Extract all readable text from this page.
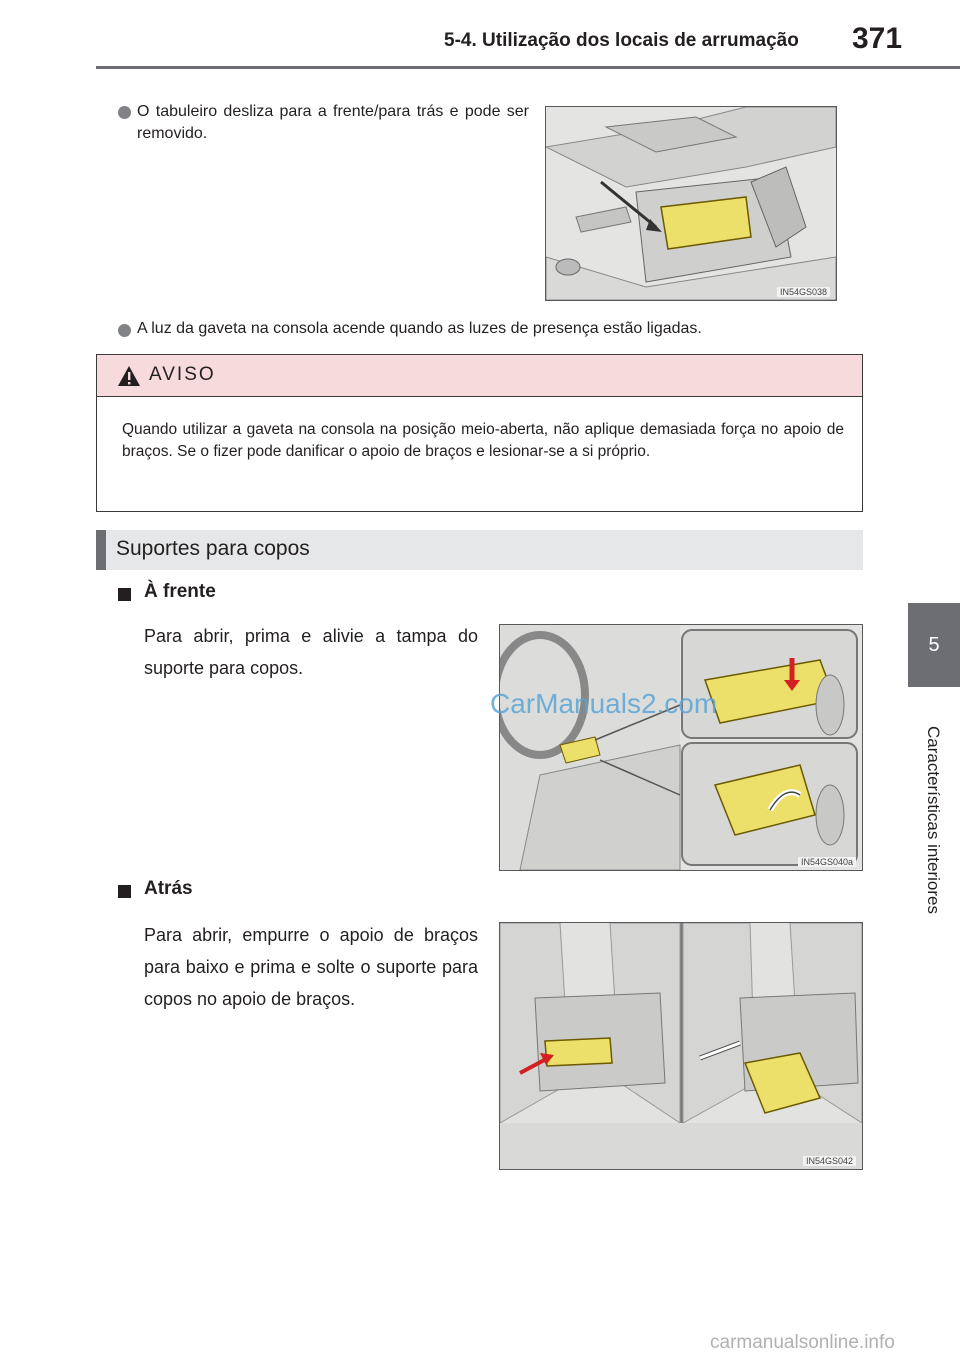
5-4. Utilização dos locais de arrumação 371
5
Características interiores
O tabuleiro desliza para a frente/para trás e pode ser removido.
IN54GS038
A luz da gaveta na consola acende quando as luzes de presença estão ligadas.
AVISO
Quando utilizar a gaveta na consola na posição meio-aberta, não aplique demasiada força no apoio de braços. Se o fizer pode danificar o apoio de braços e lesionar-se a si próprio.
Suportes para copos
À frente
Para abrir, prima e alivie a tampa do suporte para copos.
IN54GS040a
CarManuals2.com
Atrás
Para abrir, empurre o apoio de braços para baixo e prima e solte o suporte para copos no apoio de braços.
IN54GS042
carmanualsonline.info
